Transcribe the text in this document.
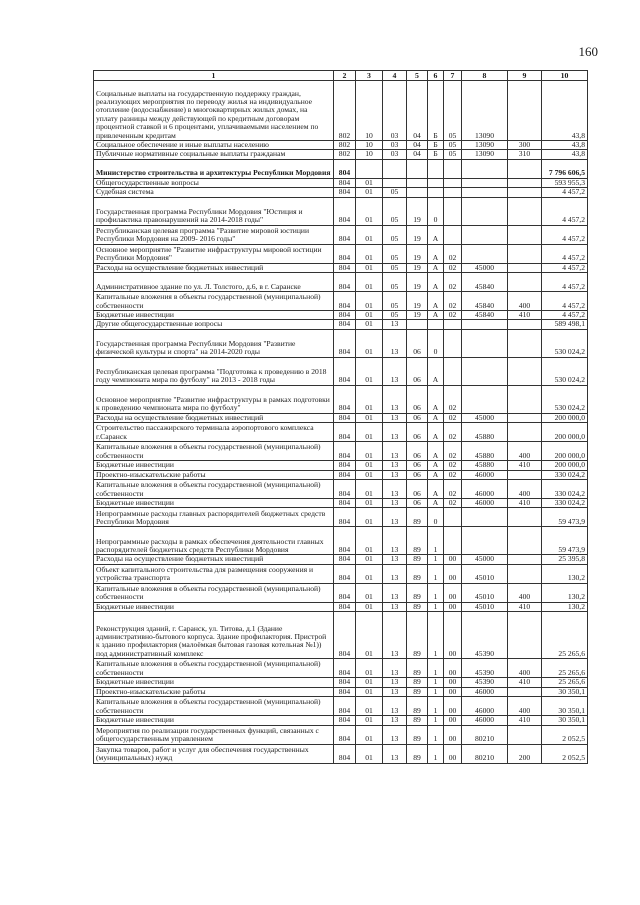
160
1	2	3	4	5	6	7	8	9	10
Социальные выплаты на государственную поддержку граждан, реализующих мероприятия по переводу жилья на индивидуальное отопление (водоснабжение) в многоквартирных жилых домах, на уплату разницы между действующей по кредитным договорам процентной ставкой и 6 процентами, уплачиваемыми населением по привлеченным кредитам	802	10	03	04	Б	05	13090		43,8
Социальное обеспечение и иные выплаты населению	802	10	03	04	Б	05	13090	300	43,8
Публичные нормативные социальные выплаты гражданам	802	10	03	04	Б	05	13090	310	43,8
Министерство строительства и архитектуры Республики Мордовия	804								7 796 606,5
Общегосударственные вопросы	804	01							593 955,3
Судебная система	804	01	05						4 457,2
Государственная программа Республики Мордовия "Юстиция и профилактика правонарушений на 2014-2018 годы"	804	01	05	19	0				4 457,2
Республиканская целевая программа "Развитие мировой юстиции Республики Мордовия на 2009- 2016 годы"	804	01	05	19	А				4 457,2
Основное мероприятие "Развитие инфраструктуры мировой юстиции Республики Мордовия"	804	01	05	19	А	02			4 457,2
Расходы на осуществление бюджетных инвестиций	804	01	05	19	А	02	45000		4 457,2
Административное здание по ул. Л. Толстого, д.6, в г. Саранске	804	01	05	19	А	02	45840		4 457,2
Капитальные вложения в объекты государственной (муниципальной) собственности	804	01	05	19	А	02	45840	400	4 457,2
Бюджетные инвестиции	804	01	05	19	А	02	45840	410	4 457,2
Другие общегосударственные вопросы	804	01	13						589 498,1
Государственная программа Республики Мордовия "Развитие физической культуры и спорта" на 2014-2020 годы	804	01	13	06	0				530 024,2
Республиканская целевая программа "Подготовка к проведению в 2018 году чемпионата мира по футболу" на 2013 - 2018 годы	804	01	13	06	А				530 024,2
Основное мероприятие "Развитие инфраструктуры в рамках подготовки к проведению чемпионата мира по футболу"	804	01	13	06	А	02			530 024,2
Расходы на осуществление бюджетных инвестиций	804	01	13	06	А	02	45000		200 000,0
Строительство пассажирского терминала аэропортового комплекса г.Саранск	804	01	13	06	А	02	45880		200 000,0
Капитальные вложения в объекты государственной (муниципальной) собственности	804	01	13	06	А	02	45880	400	200 000,0
Бюджетные инвестиции	804	01	13	06	А	02	45880	410	200 000,0
Проектно-изыскательские работы	804	01	13	06	А	02	46000		330 024,2
Капитальные вложения в объекты государственной (муниципальной) собственности	804	01	13	06	А	02	46000	400	330 024,2
Бюджетные инвестиции	804	01	13	06	А	02	46000	410	330 024,2
Непрограммные расходы главных распорядителей бюджетных средств Республики Мордовия	804	01	13	89	0				59 473,9
Непрограммные расходы в рамках обеспечения деятельности главных распорядителей бюджетных средств Республики Мордовия	804	01	13	89	1				59 473,9
Расходы на осуществление бюджетных инвестиций	804	01	13	89	1	00	45000		25 395,8
Объект капитального строительства для размещения сооружения и устройства транспорта	804	01	13	89	1	00	45010		130,2
Капитальные вложения в объекты государственной (муниципальной) собственности	804	01	13	89	1	00	45010	400	130,2
Бюджетные инвестиции	804	01	13	89	1	00	45010	410	130,2
Реконструкция зданий, г. Саранск, ул. Титова, д.1 (Здание административно-бытового корпуса. Здание профилактория. Пристрой к зданию профилактория (малоёмкая бытовая газовая котельная №1)) под административный комплекс	804	01	13	89	1	00	45390		25 265,6
Капитальные вложения в объекты государственной (муниципальной) собственности	804	01	13	89	1	00	45390	400	25 265,6
Бюджетные инвестиции	804	01	13	89	1	00	45390	410	25 265,6
Проектно-изыскательские работы	804	01	13	89	1	00	46000		30 350,1
Капитальные вложения в объекты государственной (муниципальной) собственности	804	01	13	89	1	00	46000	400	30 350,1
Бюджетные инвестиции	804	01	13	89	1	00	46000	410	30 350,1
Мероприятия по реализации государственных функций, связанных с общегосударственным управлением	804	01	13	89	1	00	80210		2 052,5
Закупка товаров, работ и услуг для обеспечения государственных (муниципальных) нужд	804	01	13	89	1	00	80210	200	2 052,5
